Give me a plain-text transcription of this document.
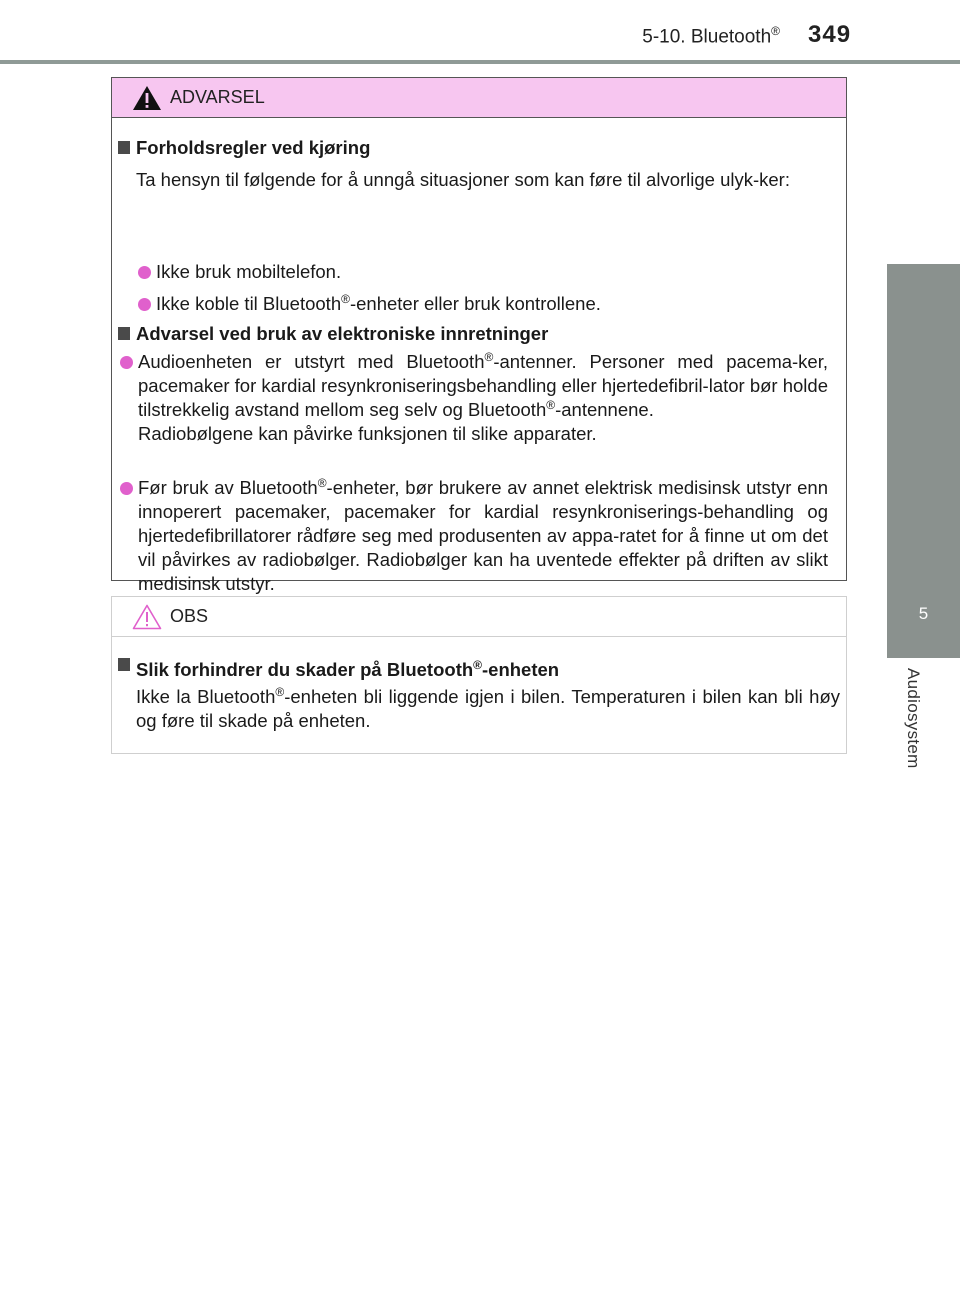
5-10. Bluetooth® 349
5
Audiosystem
ADVARSEL
Forholdsregler ved kjøring
Ta hensyn til følgende for å unngå situasjoner som kan føre til alvorlige ulyk-ker:
Ikke bruk mobiltelefon.
Ikke koble til Bluetooth®-enheter eller bruk kontrollene.
Advarsel ved bruk av elektroniske innretninger

Audioenheten er utstyrt med Bluetooth®-antenner. Personer med pacema-ker, pacemaker for kardial resynkroniseringsbehandling eller hjertedefibril-lator bør holde tilstrekkelig avstand mellom seg selv og Bluetooth®-antennene.

Radiobølgene kan påvirke funksjonen til slike apparater.

Før bruk av Bluetooth®-enheter, bør brukere av annet elektrisk medisinsk utstyr enn innoperert pacemaker, pacemaker for kardial resynkroniserings-behandling og hjertedefibrillatorer rådføre seg med produsenten av appa-ratet for å finne ut om det vil påvirkes av radiobølger. Radiobølger kan ha uventede effekter på driften av slikt medisinsk utstyr.

OBS
Slik forhindrer du skader på Bluetooth®-enheten
Ikke la Bluetooth®-enheten bli liggende igjen i bilen. Temperaturen i bilen kan bli høy og føre til skade på enheten.
